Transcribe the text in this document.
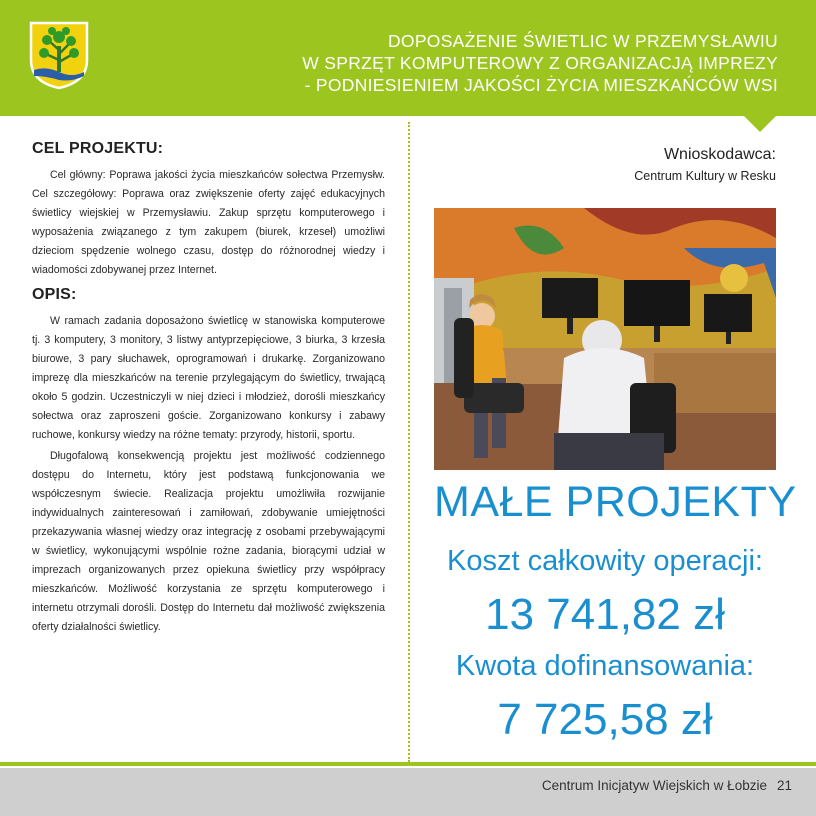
DOPOSAŻENIE ŚWIETLIC W PRZEMYSŁAWIU
W SPRZĘT KOMPUTEROWY Z ORGANIZACJĄ IMPREZY
- PODNIESIENIEM JAKOŚCI ŻYCIA MIESZKAŃCÓW WSI
CEL PROJEKTU:

Cel główny: Poprawa jakości życia mieszkańców sołectwa Przemysłw. Cel szczegółowy: Poprawa oraz zwiększenie oferty zajęć edukacyjnych świetlicy wiejskiej w Przemysławiu. Zakup sprzętu komputerowego i wyposażenia związanego z tym zakupem (biurek, krzeseł) umożliwi dzieciom spędzenie wolnego czasu, dostęp do różnorodnej wiedzy i wiadomości zdobywanej przez Internet.

OPIS:

W ramach zadania doposażono świetlicę w stanowiska komputerowe tj. 3 komputery, 3 monitory, 3 listwy antyprzepięciowe, 3 biurka, 3 krzesła biurowe, 3 pary słuchawek, oprogramowań i drukarkę. Zorganizowano imprezę dla mieszkańców na terenie przylegającym do świetlicy, trwającą około 5 godzin. Uczestniczyli w niej dzieci i młodzież, dorośli mieszkańcy sołectwa oraz zaproszeni goście. Zorganizowano konkursy i zabawy ruchowe, konkursy wiedzy na różne tematy: przyrody, historii, sportu.

Długofalową konsekwencją projektu jest możliwość codziennego dostępu do Internetu, który jest podstawą funkcjonowania we współczesnym świecie. Realizacja projektu umożliwiła rozwijanie indywidualnych zainteresowań i zamiłowań, zdobywanie umiejętności przekazywania własnej wiedzy oraz integrację z osobami przebywającymi w świetlicy, wykonującymi wspólnie rożne zadania, biorącymi udział w imprezach organizowanych przez opiekuna świetlicy przy współpracy mieszkańców. Możliwość korzystania ze sprzętu komputerowego i internetu otrzymali dorośli. Dostęp do Internetu dał możliwość zwiększenia oferty działalności świetlicy.

Wnioskodawca:
Centrum Kultury w Resku
MAŁE PROJEKTY
Koszt całkowity operacji:
13 741,82 zł
Kwota dofinansowania:
7 725,58 zł
Centrum Inicjatyw Wiejskich w Łobzie 21
